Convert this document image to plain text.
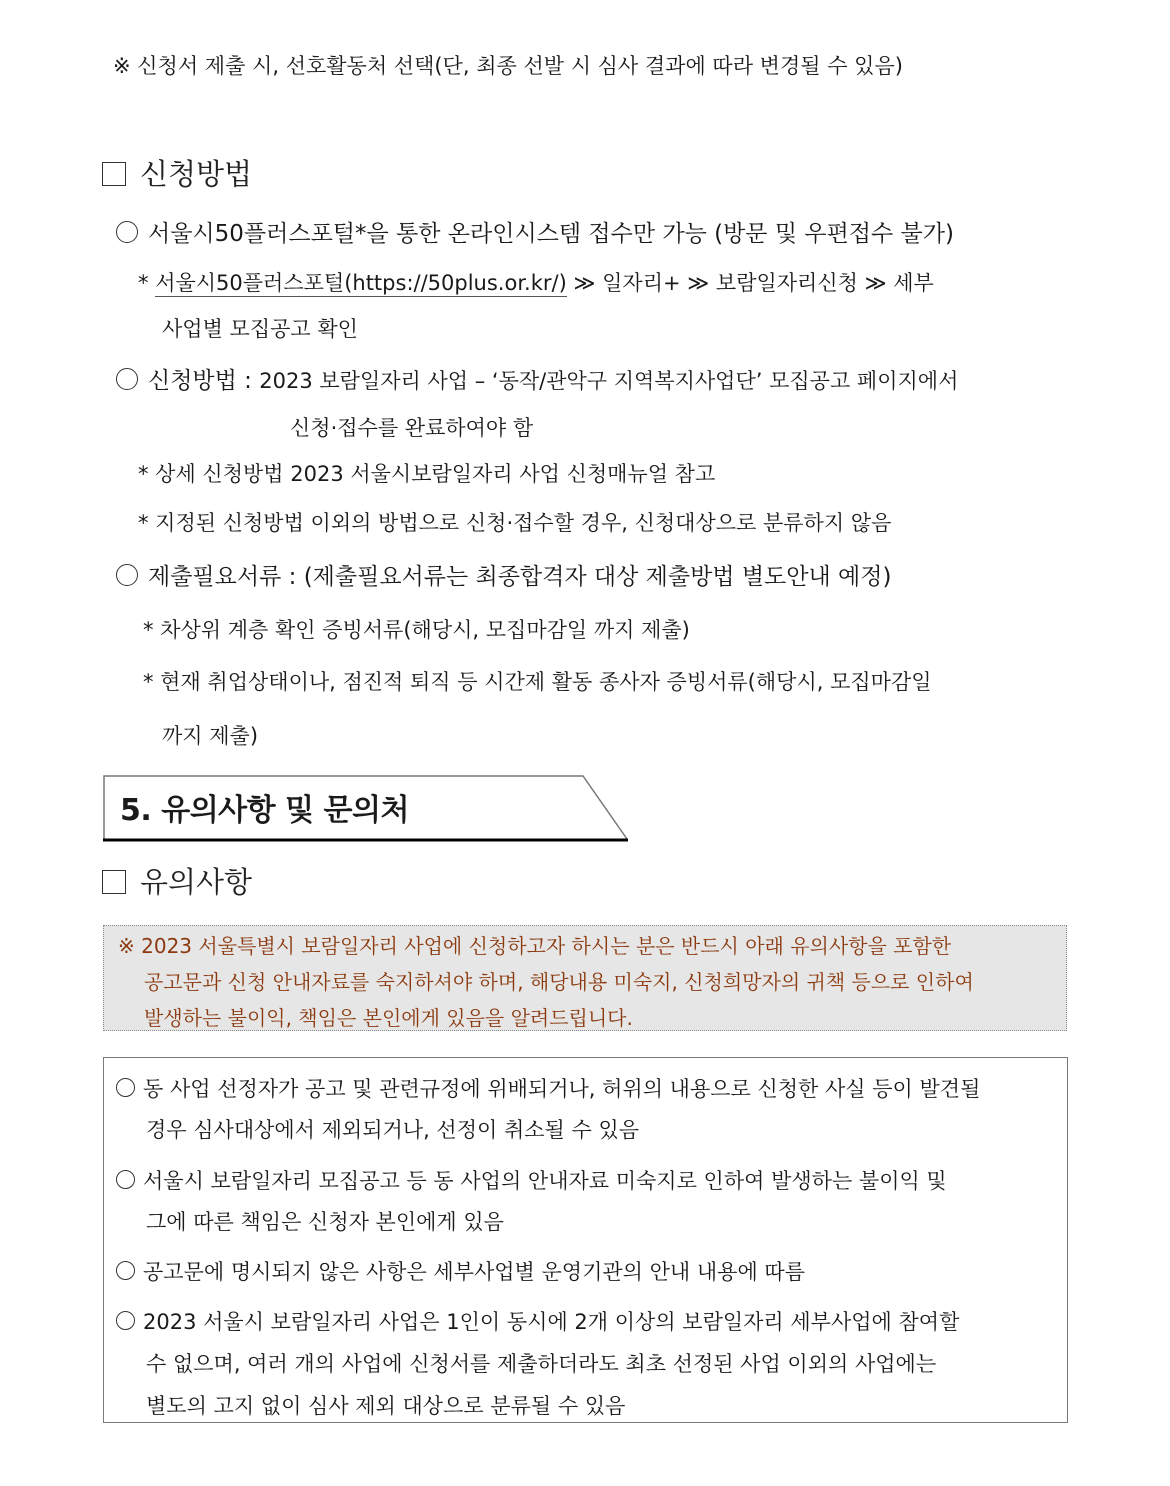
※ 신청서 제출 시, 선호활동처 선택(단, 최종 선발 시 심사 결과에 따라 변경될 수 있음)
신청방법
서울시50플러스포털*을 통한 온라인시스템 접수만 가능 (방문 및 우편접수 불가)
* 서울시50플러스포털(https://50plus.or.kr/) ≫ 일자리+ ≫ 보람일자리신청 ≫ 세부
사업별 모집공고 확인
신청방법 : 2023 보람일자리 사업 – ‘동작/관악구 지역복지사업단’ 모집공고 페이지에서
신청·접수를 완료하여야 함
* 상세 신청방법 2023 서울시보람일자리 사업 신청매뉴얼 참고
* 지정된 신청방법 이외의 방법으로 신청·접수할 경우, 신청대상으로 분류하지 않음
제출필요서류 : (제출필요서류는 최종합격자 대상 제출방법 별도안내 예정)
* 차상위 계층 확인 증빙서류(해당시, 모집마감일 까지 제출)
* 현재 취업상태이나, 점진적 퇴직 등 시간제 활동 종사자 증빙서류(해당시, 모집마감일
까지 제출)
5. 유의사항 및 문의처
유의사항
※ 2023 서울특별시 보람일자리 사업에 신청하고자 하시는 분은 반드시 아래 유의사항을 포함한
공고문과 신청 안내자료를 숙지하셔야 하며, 해당내용 미숙지, 신청희망자의 귀책 등으로 인하여
발생하는 불이익, 책임은 본인에게 있음을 알려드립니다.
동 사업 선정자가 공고 및 관련규정에 위배되거나, 허위의 내용으로 신청한 사실 등이 발견될
경우 심사대상에서 제외되거나, 선정이 취소될 수 있음
서울시 보람일자리 모집공고 등 동 사업의 안내자료 미숙지로 인하여 발생하는 불이익 및
그에 따른 책임은 신청자 본인에게 있음
공고문에 명시되지 않은 사항은 세부사업별 운영기관의 안내 내용에 따름
2023 서울시 보람일자리 사업은 1인이 동시에 2개 이상의 보람일자리 세부사업에 참여할
수 없으며, 여러 개의 사업에 신청서를 제출하더라도 최초 선정된 사업 이외의 사업에는
별도의 고지 없이 심사 제외 대상으로 분류될 수 있음
